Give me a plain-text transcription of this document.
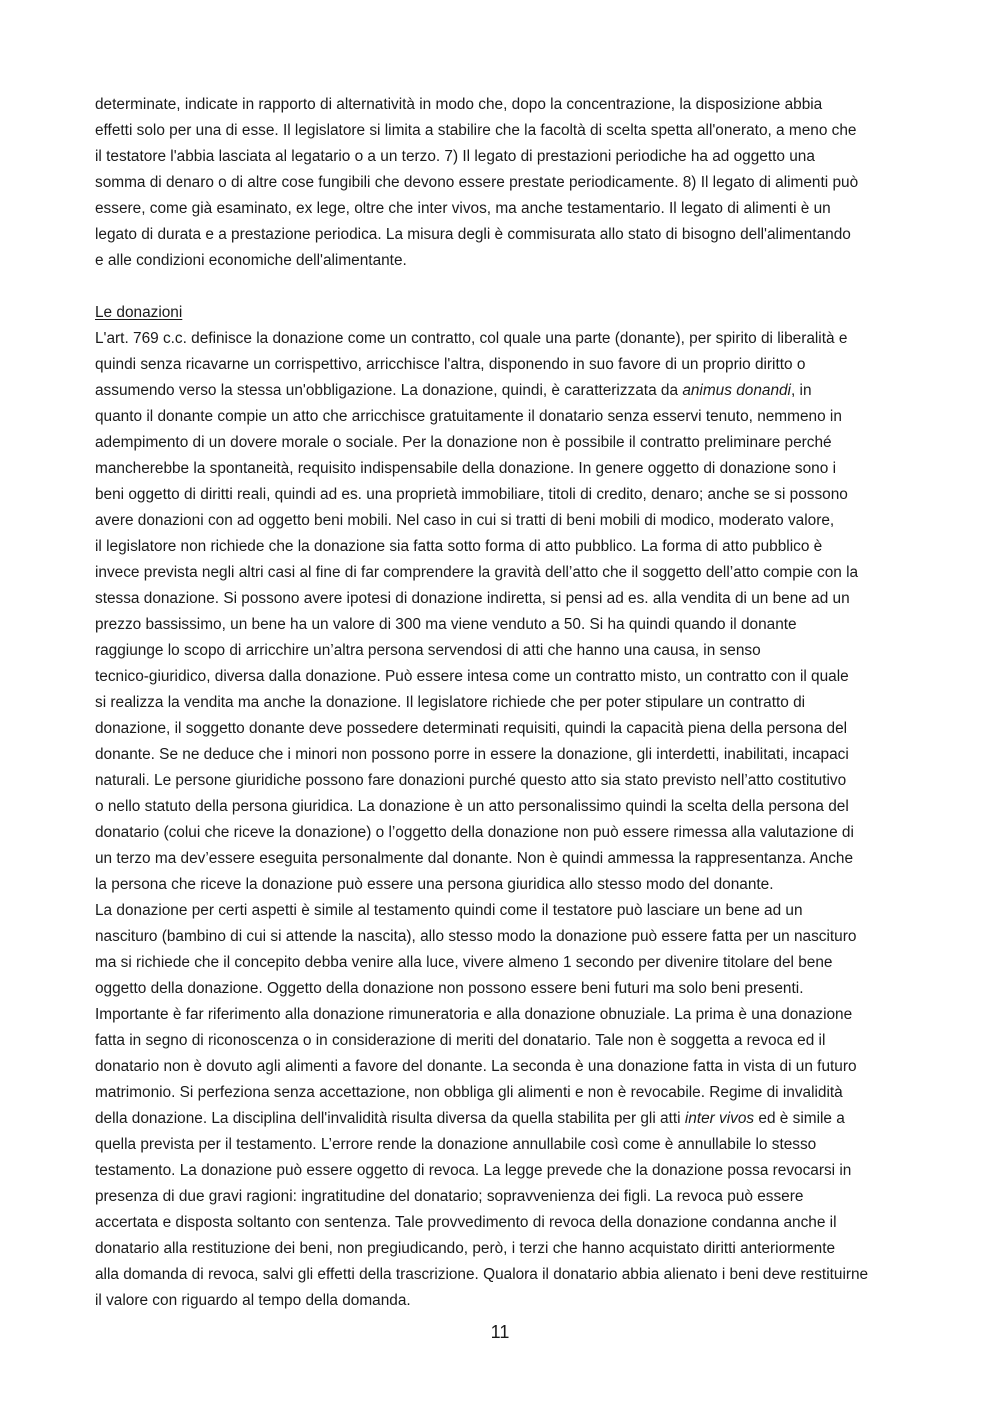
determinate, indicate in rapporto di alternatività in modo che, dopo la concentrazione, la disposizione abbia
effetti solo per una di esse. Il legislatore si limita a stabilire che la facoltà di scelta spetta all'onerato, a meno che
il testatore l'abbia lasciata al legatario o a un terzo. 7) Il legato di prestazioni periodiche ha ad oggetto una
somma di denaro o di altre cose fungibili che devono essere prestate periodicamente. 8) Il legato di alimenti può
essere, come già esaminato, ex lege, oltre che inter vivos, ma anche testamentario. Il legato di alimenti è un
legato di durata e a prestazione periodica. La misura degli è commisurata allo stato di bisogno dell'alimentando
e alle condizioni economiche dell'alimentante.
Le donazioni
L'art. 769 c.c. definisce la donazione come un contratto, col quale una parte (donante), per spirito di liberalità e
quindi senza ricavarne un corrispettivo, arricchisce l'altra, disponendo in suo favore di un proprio diritto o
assumendo verso la stessa un'obbligazione. La donazione, quindi, è caratterizzata da animus donandi, in
quanto il donante compie un atto che arricchisce gratuitamente il donatario senza esservi tenuto, nemmeno in
adempimento di un dovere morale o sociale. Per la donazione non è possibile il contratto preliminare perché
mancherebbe la spontaneità, requisito indispensabile della donazione. In genere oggetto di donazione sono i
beni oggetto di diritti reali, quindi ad es. una proprietà immobiliare, titoli di credito, denaro; anche se si possono
avere donazioni con ad oggetto beni mobili. Nel caso in cui si tratti di beni mobili di modico, moderato valore,
il legislatore non richiede che la donazione sia fatta sotto forma di atto pubblico. La forma di atto pubblico è
invece prevista negli altri casi al fine di far comprendere la gravità dell’atto che il soggetto dell’atto compie con la
stessa donazione. Si possono avere ipotesi di donazione indiretta, si pensi ad es. alla vendita di un bene ad un
prezzo bassissimo, un bene ha un valore di 300 ma viene venduto a 50. Si ha quindi quando il donante
raggiunge lo scopo di arricchire un’altra persona servendosi di atti che hanno una causa, in senso
tecnico-giuridico, diversa dalla donazione. Può essere intesa come un contratto misto, un contratto con il quale
si realizza la vendita ma anche la donazione. Il legislatore richiede che per poter stipulare un contratto di
donazione, il soggetto donante deve possedere determinati requisiti, quindi la capacità piena della persona del
donante. Se ne deduce che i minori non possono porre in essere la donazione, gli interdetti, inabilitati, incapaci
naturali. Le persone giuridiche possono fare donazioni purché questo atto sia stato previsto nell’atto costitutivo
o nello statuto della persona giuridica. La donazione è un atto personalissimo quindi la scelta della persona del
donatario (colui che riceve la donazione) o l’oggetto della donazione non può essere rimessa alla valutazione di
un terzo ma dev’essere eseguita personalmente dal donante. Non è quindi ammessa la rappresentanza. Anche
la persona che riceve la donazione può essere una persona giuridica allo stesso modo del donante.
La donazione per certi aspetti è simile al testamento quindi come il testatore può lasciare un bene ad un
nascituro (bambino di cui si attende la nascita), allo stesso modo la donazione può essere fatta per un nascituro
ma si richiede che il concepito debba venire alla luce, vivere almeno 1 secondo per divenire titolare del bene
oggetto della donazione. Oggetto della donazione non possono essere beni futuri ma solo beni presenti.
Importante è far riferimento alla donazione rimuneratoria e alla donazione obnuziale. La prima è una donazione
fatta in segno di riconoscenza o in considerazione di meriti del donatario. Tale non è soggetta a revoca ed il
donatario non è dovuto agli alimenti a favore del donante. La seconda è una donazione fatta in vista di un futuro
matrimonio. Si perfeziona senza accettazione, non obbliga gli alimenti e non è revocabile. Regime di invalidità
della donazione. La disciplina dell'invalidità risulta diversa da quella stabilita per gli atti inter vivos ed è simile a
quella prevista per il testamento. L’errore rende la donazione annullabile così come è annullabile lo stesso
testamento. La donazione può essere oggetto di revoca. La legge prevede che la donazione possa revocarsi in
presenza di due gravi ragioni: ingratitudine del donatario; sopravvenienza dei figli. La revoca può essere
accertata e disposta soltanto con sentenza. Tale provvedimento di revoca della donazione condanna anche il
donatario alla restituzione dei beni, non pregiudicando, però, i terzi che hanno acquistato diritti anteriormente
alla domanda di revoca, salvi gli effetti della trascrizione. Qualora il donatario abbia alienato i beni deve restituirne
il valore con riguardo al tempo della domanda.
11
